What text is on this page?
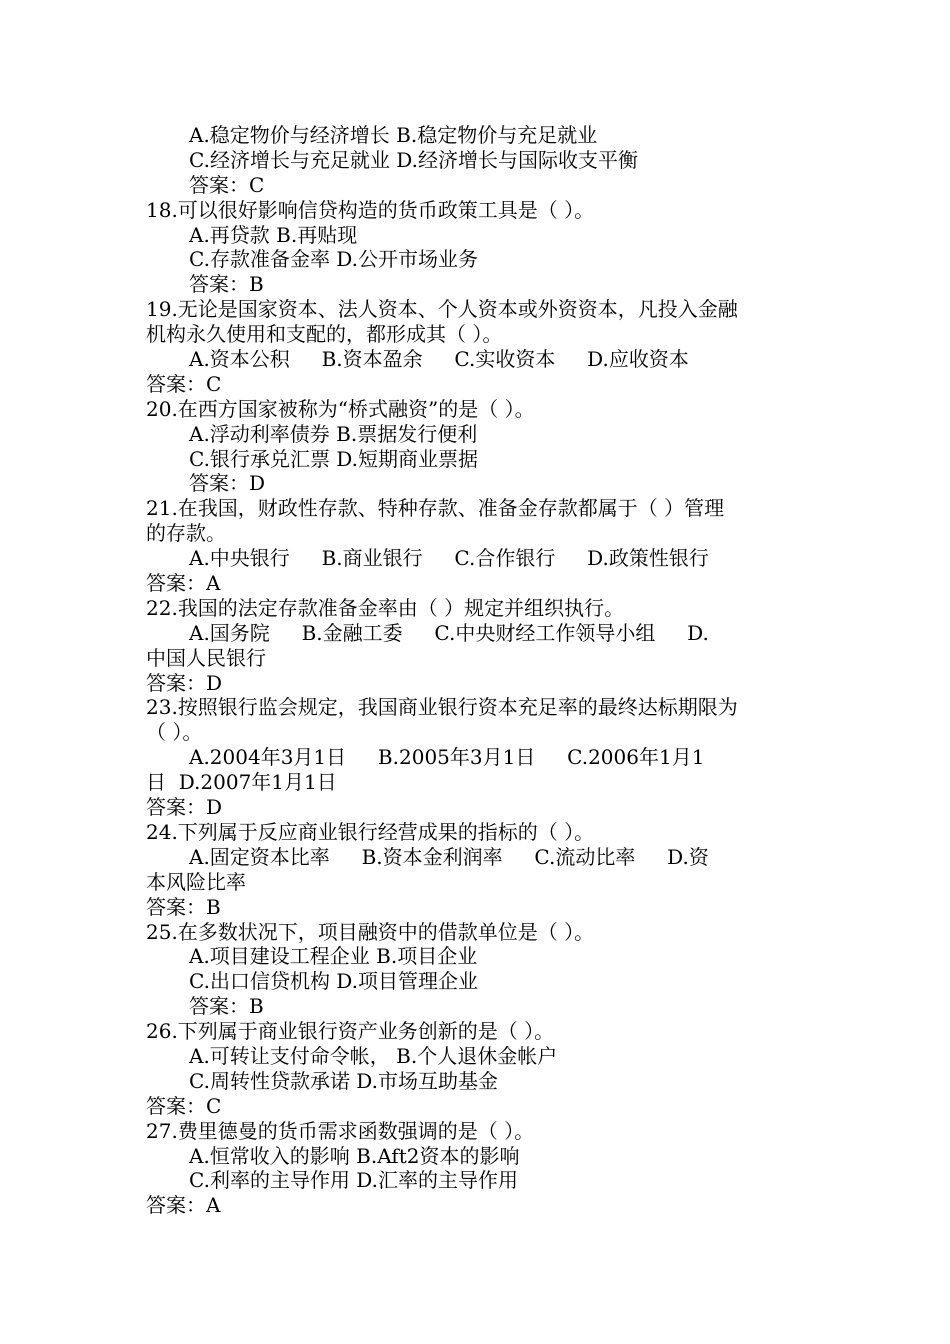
A.稳定物价与经济增长 B.稳定物价与充足就业
C.经济增长与充足就业 D.经济增长与国际收支平衡
答案：C
18.可以很好影响信贷构造的货币政策工具是（ ）。
A.再贷款 B.再贴现
C.存款准备金率 D.公开市场业务
答案：B
19.无论是国家资本、法人资本、个人资本或外资资本，凡投入金融
机构永久使用和支配的，都形成其（ ）。
A.资本公积     B.资本盈余     C.实收资本     D.应收资本
答案：C
20.在西方国家被称为“桥式融资”的是（ ）。
A.浮动利率债券 B.票据发行便利
C.银行承兑汇票 D.短期商业票据
答案：D
21.在我国，财政性存款、特种存款、准备金存款都属于（ ）管理
的存款。
A.中央银行     B.商业银行     C.合作银行     D.政策性银行
答案：A
22.我国的法定存款准备金率由（ ）规定并组织执行。
A.国务院     B.金融工委     C.中央财经工作领导小组     D.
中国人民银行
答案：D
23.按照银行监会规定，我国商业银行资本充足率的最终达标期限为
（ ）。
A.2004年3月1日     B.2005年3月1日     C.2006年1月1
日  D.2007年1月1日
答案：D
24.下列属于反应商业银行经营成果的指标的（ ）。
A.固定资本比率     B.资本金利润率     C.流动比率     D.资
本风险比率
答案：B
25.在多数状况下，项目融资中的借款单位是（ ）。
A.项目建设工程企业 B.项目企业
C.出口信贷机构 D.项目管理企业
答案：B
26.下列属于商业银行资产业务创新的是（ ）。
A.可转让支付命令帐， B.个人退休金帐户
C.周转性贷款承诺 D.市场互助基金
答案：C
27.费里德曼的货币需求函数强调的是（ ）。
A.恒常收入的影响 B.Aft2资本的影响
C.利率的主导作用 D.汇率的主导作用
答案：A
